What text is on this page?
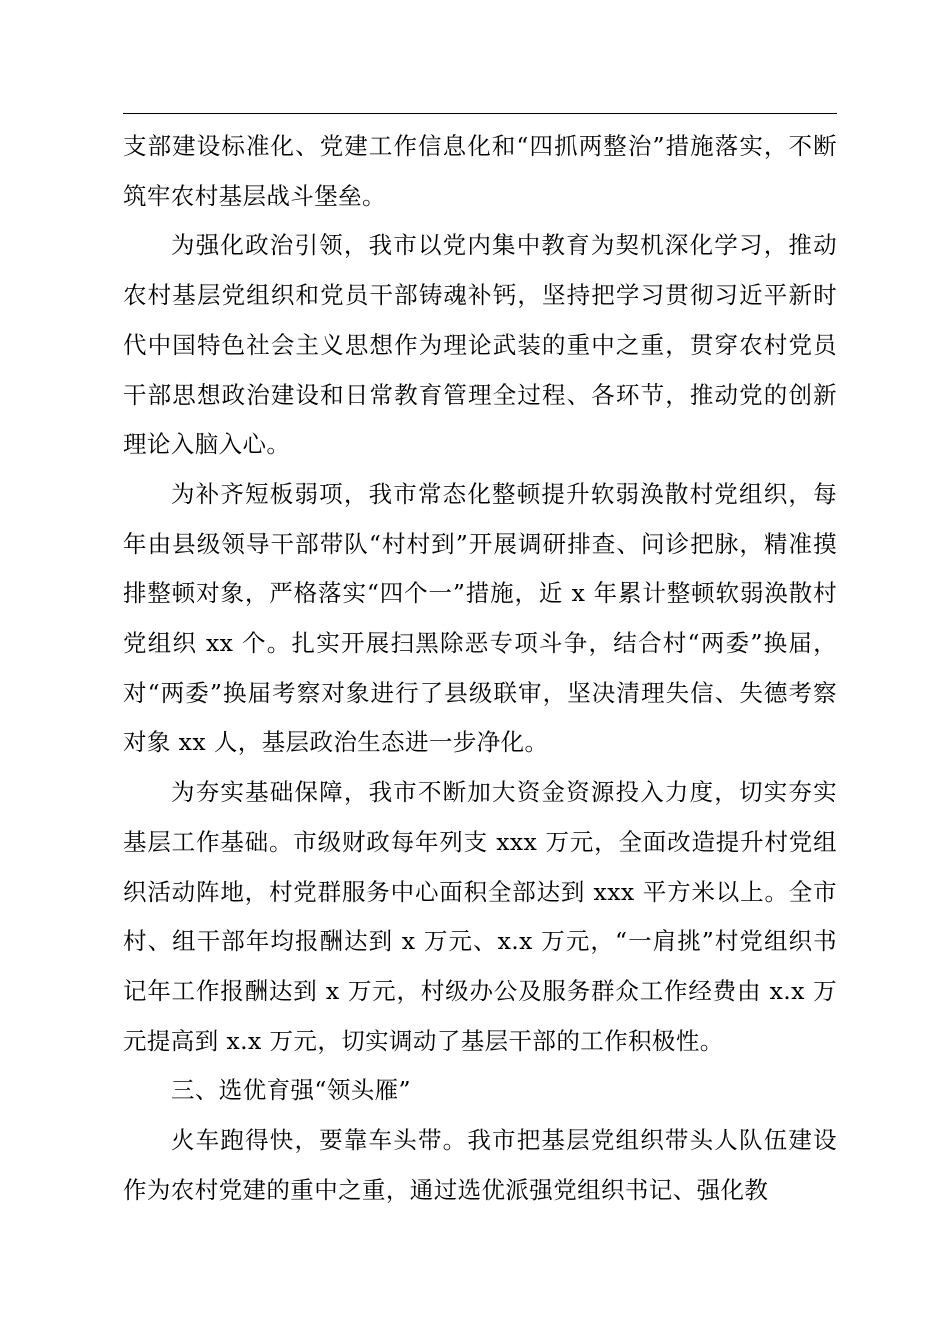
支部建设标准化、党建工作信息化和“四抓两整治”措施落实，不断筑牢农村基层战斗堡垒。

为强化政治引领，我市以党内集中教育为契机深化学习，推动农村基层党组织和党员干部铸魂补钙，坚持把学习贯彻习近平新时代中国特色社会主义思想作为理论武装的重中之重，贯穿农村党员干部思想政治建设和日常教育管理全过程、各环节，推动党的创新理论入脑入心。

为补齐短板弱项，我市常态化整顿提升软弱涣散村党组织，每年由县级领导干部带队“村村到”开展调研排查、问诊把脉，精准摸排整顿对象，严格落实“四个一”措施，近 x 年累计整顿软弱涣散村党组织 xx 个。扎实开展扫黑除恶专项斗争，结合村“两委”换届，对“两委”换届考察对象进行了县级联审，坚决清理失信、失德考察对象 xx 人，基层政治生态进一步净化。

为夯实基础保障，我市不断加大资金资源投入力度，切实夯实基层工作基础。市级财政每年列支 xxx 万元，全面改造提升村党组织活动阵地，村党群服务中心面积全部达到 xxx 平方米以上。全市村、组干部年均报酬达到 x 万元、x.x 万元，“一肩挑”村党组织书记年工作报酬达到 x 万元，村级办公及服务群众工作经费由 x.x 万元提高到 x.x 万元，切实调动了基层干部的工作积极性。

三、选优育强“领头雁”

火车跑得快，要靠车头带。我市把基层党组织带头人队伍建设作为农村党建的重中之重，通过选优派强党组织书记、强化教
